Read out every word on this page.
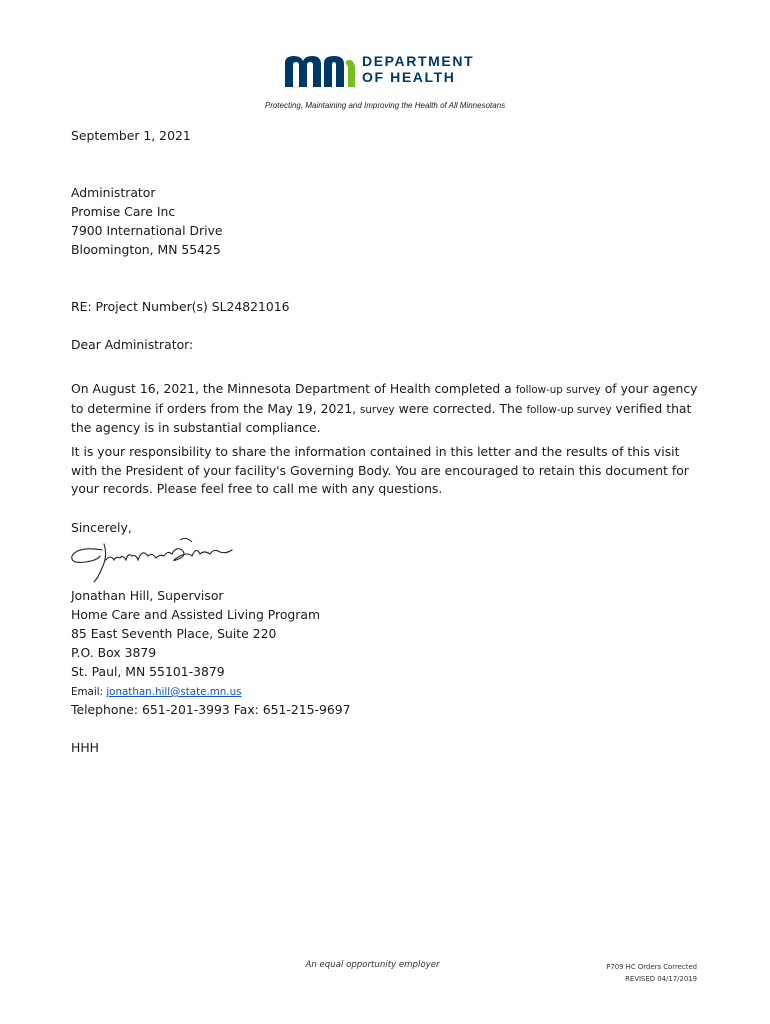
DEPARTMENT
OF HEALTH
Protecting, Maintaining and Improving the Health of All Minnesotans
September 1, 2021
Administrator
Promise Care Inc
7900 International Drive
Bloomington, MN 55425
RE: Project Number(s) SL24821016
Dear Administrator:
On August 16, 2021, the Minnesota Department of Health completed a follow-up survey of your agency to determine if orders from the May 19, 2021, survey were corrected. The follow-up survey verified that the agency is in substantial compliance.
It is your responsibility to share the information contained in this letter and the results of this visit with the President of your facility's Governing Body. You are encouraged to retain this document for your records. Please feel free to call me with any questions.
Sincerely,
Jonathan Hill, Supervisor
Home Care and Assisted Living Program
85 East Seventh Place, Suite 220
P.O. Box 3879
St. Paul, MN 55101-3879
Email: jonathan.hill@state.mn.us
Telephone: 651-201-3993 Fax: 651-215-9697
HHH
An equal opportunity employer	P709 HC Orders Corrected
REVISED 04/17/2019
